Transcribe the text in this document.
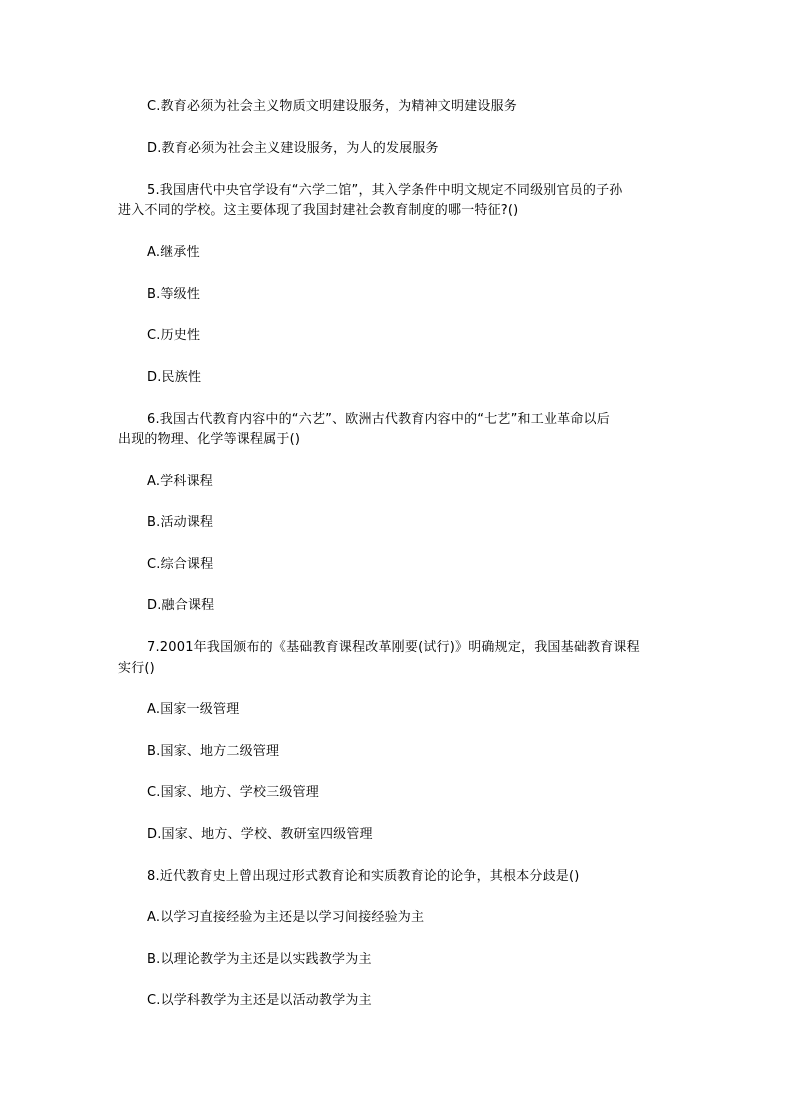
C.教育必须为社会主义物质文明建设服务，为精神文明建设服务
D.教育必须为社会主义建设服务，为人的发展服务
5.我国唐代中央官学设有“六学二馆”，其入学条件中明文规定不同级别官员的子孙
进入不同的学校。这主要体现了我国封建社会教育制度的哪一特征?()
A.继承性
B.等级性
C.历史性
D.民族性
6.我国古代教育内容中的“六艺”、欧洲古代教育内容中的“七艺”和工业革命以后
出现的物理、化学等课程属于()
A.学科课程
B.活动课程
C.综合课程
D.融合课程
7.2001年我国颁布的《基础教育课程改革刚要(试行)》明确规定，我国基础教育课程
实行()
A.国家一级管理
B.国家、地方二级管理
C.国家、地方、学校三级管理
D.国家、地方、学校、教研室四级管理
8.近代教育史上曾出现过形式教育论和实质教育论的论争，其根本分歧是()
A.以学习直接经验为主还是以学习间接经验为主
B.以理论教学为主还是以实践教学为主
C.以学科教学为主还是以活动教学为主
